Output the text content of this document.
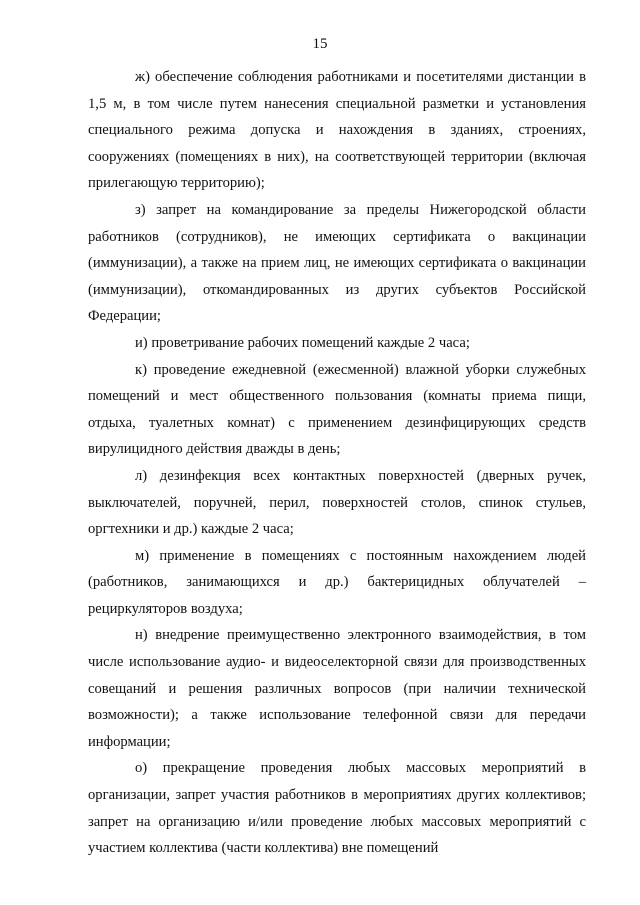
15

ж) обеспечение соблюдения работниками и посетителями дистанции в 1,5 м, в том числе путем нанесения специальной разметки и установления специального режима допуска и нахождения в зданиях, строениях, сооружениях (помещениях в них), на соответствующей территории (включая прилегающую территорию);

з) запрет на командирование за пределы Нижегородской области работников (сотрудников), не имеющих сертификата о вакцинации (иммунизации), а также на прием лиц, не имеющих сертификата о вакцинации (иммунизации), откомандированных из других субъектов Российской Федерации;

и) проветривание рабочих помещений каждые 2 часа;

к) проведение ежедневной (ежесменной) влажной уборки служебных помещений и мест общественного пользования (комнаты приема пищи, отдыха, туалетных комнат) с применением дезинфицирующих средств вирулицидного действия дважды в день;

л) дезинфекция всех контактных поверхностей (дверных ручек, выключателей, поручней, перил, поверхностей столов, спинок стульев, оргтехники и др.) каждые 2 часа;

м) применение в помещениях с постоянным нахождением людей (работников, занимающихся и др.) бактерицидных облучателей – рециркуляторов воздуха;

н) внедрение преимущественно электронного взаимодействия, в том числе использование аудио- и видеоселекторной связи для производственных совещаний и решения различных вопросов (при наличии технической возможности); а также использование телефонной связи для передачи информации;

о) прекращение проведения любых массовых мероприятий в организации, запрет участия работников в мероприятиях других коллективов; запрет на организацию и/или проведение любых массовых мероприятий с участием коллектива (части коллектива) вне помещений
